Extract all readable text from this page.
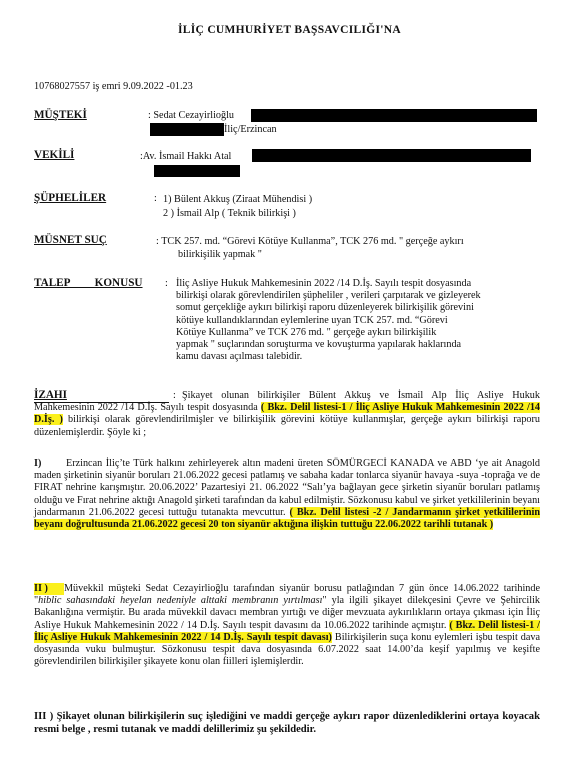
İLİÇ CUMHURİYET BAŞSAVCILIĞI'NA
10768027557 iş emri 9.09.2022 -01.23
MÜŞTEKİ	: Sedat Cezayirlioğlu
İliç/Erzincan
VEKİLİ	:Av. İsmail Hakkı Atal
ŞÜPHELİLER	: 1) Bülent Akkuş (Ziraat Mühendisi )
2 ) İsmail Alp ( Teknik bilirkişi )
MÜSNET SUÇ	: TCK 257. md. “Görevi Kötüye Kullanma”, TCK 276 md. " gerçeğe aykırı
bilirkişilik yapmak "
TALEP KONUSU : İliç Asliye Hukuk Mahkemesinin 2022 /14 D.İş. Sayılı tespit dosyasında

bilirkişi olarak görevlendirilen şüpheliler , verileri çarpıtarak ve gizleyerek

somut gerçekliğe aykırı bilirkişi raporu düzenleyerek bilirkişilik görevini

kötüye kullandıklarından eylemlerine uyan TCK 257. md. “Görevi

Kötüye Kullanma” ve TCK 276 md. " gerçeğe aykırı bilirkişilik

yapmak " suçlarından soruşturma ve kovuşturma yapılarak haklarında

kamu davası açılması talebidir.

İZAHI	: Şikayet olunan bilirkişiler Bülent Akkuş ve İsmail Alp İliç Asliye Hukuk Mahkemesinin 2022 /14 D.İş. Sayılı tespit dosyasında ( Bkz. Delil listesi-1 / İliç Asliye Hukuk Mahkemesinin 2022 /14 D.İş. ) bilirkişi olarak görevlendirilmişler ve bilirkişilik görevini kötüye kullanmışlar, gerçeğe aykırı bilirkişi raporu düzenlemişlerdir. Şöyle ki ;
I) Erzincan İliç’te Türk halkını zehirleyerek altın madeni üreten SÖMÜRGECİ KANADA ve ABD ‘ye ait Anagold maden şirketinin siyanür boruları 21.06.2022 gecesi patlamış ve sabaha kadar tonlarca siyanür havaya -suya -toprağa ve de FIRAT nehrine karışmıştır. 20.06.2022’ Pazartesiyi 21. 06.2022 “Salı’ya bağlayan gece şirketin siyanür boruları patlamış olduğu ve Fırat nehrine aktığı Anagold şirketi tarafından da kabul edilmiştir. Sözkonusu kabul ve şirket yetkililerinin beyanı jandarmanın 21.06.2022 gecesi tuttuğu tutanakta mevcuttur. ( Bkz. Delil listesi -2 / Jandarmanın şirket yetkililerinin beyanı doğrultusunda 21.06.2022 gecesi 20 ton siyanür aktığına ilişkin tuttuğu 22.06.2022 tarihli tutanak )
II ) Müvekkil müşteki Sedat Cezayirlioğlu tarafından siyanür borusu patlağından 7 gün önce 14.06.2022 tarihinde "hiblic sahasındaki heyelan nedeniyle alttaki membranın yırtılması" yla ilgili şikayet dilekçesini Çevre ve Şehircilik Bakanlığına vermiştir. Bu arada müvekkil davacı membran yırtığı ve diğer mevzuata aykırılıkların ortaya çıkması için İliç Asliye Hukuk Mahkemesinin 2022 / 14 D.İş. Sayılı tespit davasını da 10.06.2022 tarihinde açmıştır. ( Bkz. Delil listesi-1 / İliç Asliye Hukuk Mahkemesinin 2022 / 14 D.İş. Sayılı tespit davası) Bilirkişilerin suça konu eylemleri işbu tespit dava dosyasında vuku bulmuştur. Sözkonusu tespit dava dosyasında 6.07.2022 saat 14.00’da keşif yapılmış ve keşifte görevlendirilen bilirkişiler şikayete konu olan fiilleri işlemişlerdir.
III ) Şikayet olunan bilirkişilerin suç işlediğini ve maddi gerçeğe aykırı rapor düzenlediklerini ortaya koyacak resmi belge , resmi tutanak ve maddi delillerimiz şu şekildedir.
